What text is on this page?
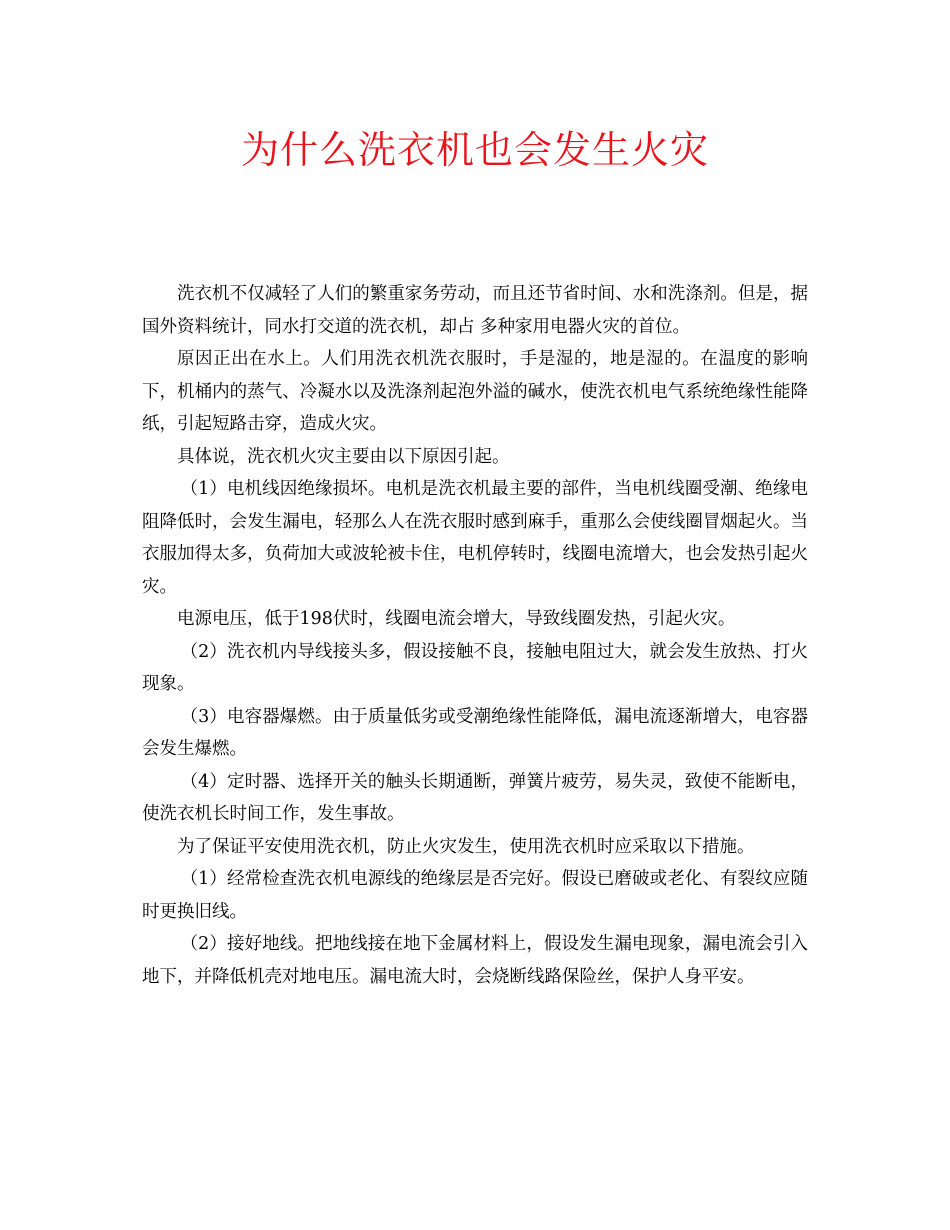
为什么洗衣机也会发生火灾

洗衣机不仅减轻了人们的繁重家务劳动，而且还节省时间、水和洗涤剂。但是，据国外资料统计，同水打交道的洗衣机，却占 多种家用电器火灾的首位。

原因正出在水上。人们用洗衣机洗衣服时，手是湿的，地是湿的。在温度的影响下，机桶内的蒸气、冷凝水以及洗涤剂起泡外溢的碱水，使洗衣机电气系统绝缘性能降纸，引起短路击穿，造成火灾。

具体说，洗衣机火灾主要由以下原因引起。

（1）电机线因绝缘损坏。电机是洗衣机最主要的部件，当电机线圈受潮、绝缘电阻降低时，会发生漏电，轻那么人在洗衣服时感到麻手，重那么会使线圈冒烟起火。当衣服加得太多，负荷加大或波轮被卡住，电机停转时，线圈电流增大，也会发热引起火灾。

电源电压，低于198伏时，线圈电流会增大，导致线圈发热，引起火灾。

（2）洗衣机内导线接头多，假设接触不良，接触电阻过大，就会发生放热、打火现象。

（3）电容器爆燃。由于质量低劣或受潮绝缘性能降低，漏电流逐渐增大，电容器会发生爆燃。

（4）定时器、选择开关的触头长期通断，弹簧片疲劳，易失灵，致使不能断电，使洗衣机长时间工作，发生事故。

为了保证平安使用洗衣机，防止火灾发生，使用洗衣机时应采取以下措施。

（1）经常检查洗衣机电源线的绝缘层是否完好。假设已磨破或老化、有裂纹应随时更换旧线。

（2）接好地线。把地线接在地下金属材料上，假设发生漏电现象，漏电流会引入地下，并降低机壳对地电压。漏电流大时，会烧断线路保险丝，保护人身平安。
